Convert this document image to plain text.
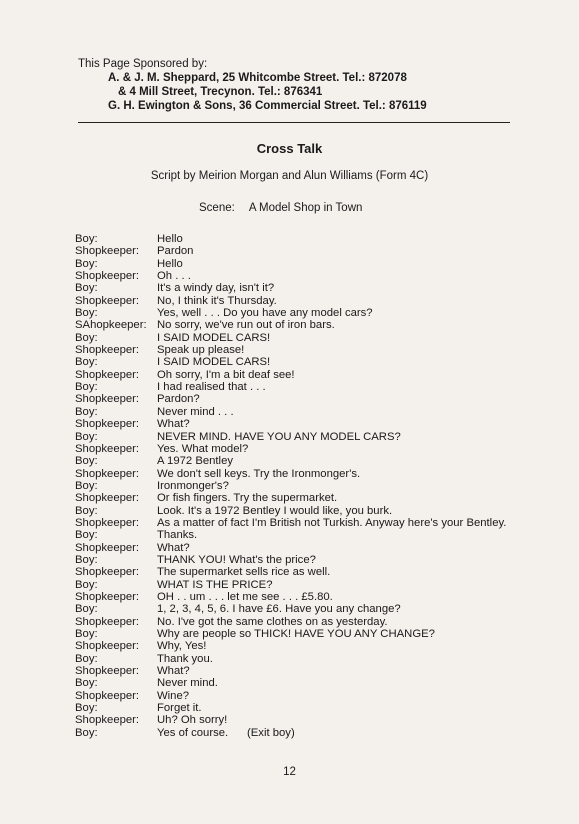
This Page Sponsored by:
A. & J. M. Sheppard, 25 Whitcombe Street. Tel.: 872078
& 4 Mill Street, Trecynon. Tel.: 876341
G. H. Ewington & Sons, 36 Commercial Street. Tel.: 876119
Cross Talk
Script by Meirion Morgan and Alun Williams (Form 4C)
Scene: A Model Shop in Town
Boy:	Hello
Shopkeeper:	Pardon
Boy:	Hello
Shopkeeper:	Oh . . .
Boy:	It's a windy day, isn't it?
Shopkeeper:	No, I think it's Thursday.
Boy:	Yes, well . . . Do you have any model cars?
SAhopkeeper: No sorry, we've run out of iron bars.
Boy:	I SAID MODEL CARS!
Shopkeeper:	Speak up please!
Boy:	I SAID MODEL CARS!
Shopkeeper:	Oh sorry, I'm a bit deaf see!
Boy:	I had realised that . . .
Shopkeeper:	Pardon?
Boy:	Never mind . . .
Shopkeeper:	What?
Boy:	NEVER MIND. HAVE YOU ANY MODEL CARS?
Shopkeeper:	Yes. What model?
Boy:	A 1972 Bentley
Shopkeeper:	We don't sell keys. Try the Ironmonger's.
Boy:	Ironmonger's?
Shopkeeper:	Or fish fingers. Try the supermarket.
Boy:	Look. It's a 1972 Bentley I would like, you burk.
Shopkeeper:	As a matter of fact I'm British not Turkish. Anyway here's your Bentley.
Boy:	Thanks.
Shopkeeper:	What?
Boy:	THANK YOU! What's the price?
Shopkeeper:	The supermarket sells rice as well.
Boy:	WHAT IS THE PRICE?
Shopkeeper:	OH . . um . . . let me see . . . £5.80.
Boy:	1, 2, 3, 4, 5, 6. I have £6. Have you any change?
Shopkeeper:	No. I've got the same clothes on as yesterday.
Boy:	Why are people so THICK! HAVE YOU ANY CHANGE?
Shopkeeper:	Why, Yes!
Boy:	Thank you.
Shopkeeper:	What?
Boy:	Never mind.
Shopkeeper:	Wine?
Boy:	Forget it.
Shopkeeper:	Uh? Oh sorry!
Boy:	Yes of course.      (Exit boy)
12
